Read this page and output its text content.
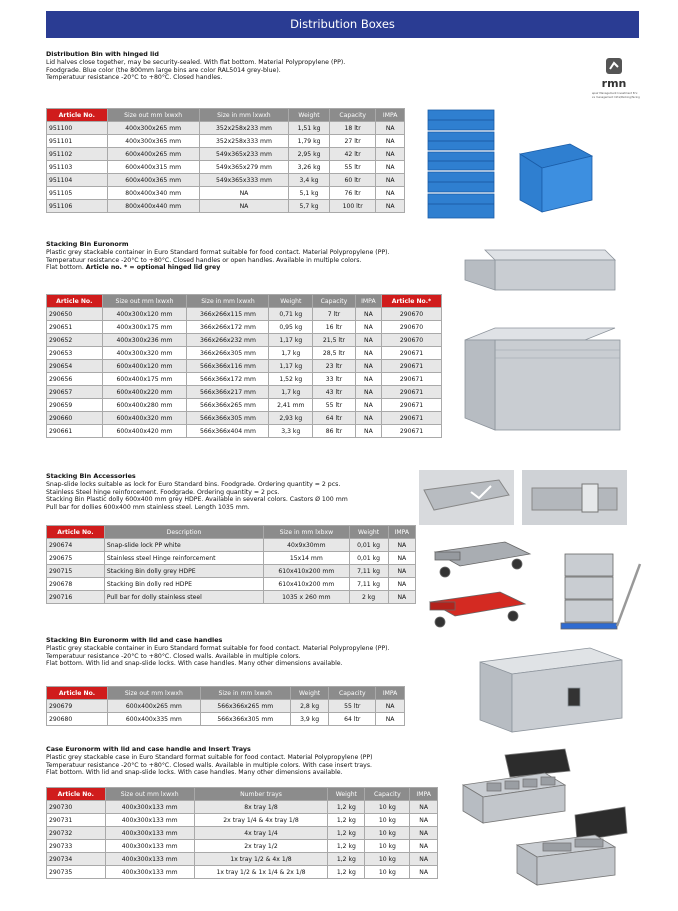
Distribution Boxes
rmn
Repair Management Investment B.V.
Store management Infra/Packing/facing
Distribution Bin with hinged lid
Lid halves close together, may be security-sealed. With flat bottom. Material Polypropylene (PP).
Foodgrade. Blue color (the 800mm large bins are color RAL5014 grey-blue).
Temperatuur resistance -20°C to +80°C. Closed handles.
Article No.	Size out mm lxwxh	Size in mm lxwxh	Weight	Capacity	IMPA
951100	400x300x265 mm	352x258x233 mm	1,51 kg	18 ltr	NA
951101	400x300x365 mm	352x258x333 mm	1,79 kg	27 ltr	NA
951102	600x400x265 mm	549x365x233 mm	2,95 kg	42 ltr	NA
951103	600x400x315 mm	549x365x279 mm	3,26 kg	55 ltr	NA
951104	600x400x365 mm	549x365x333 mm	3,4 kg	60 ltr	NA
951105	800x400x340 mm	NA	5,1 kg	76 ltr	NA
951106	800x400x440 mm	NA	5,7 kg	100 ltr	NA
Stacking Bin Euronorm
Plastic grey stackable container in Euro Standard format suitable for food contact. Material Polypropylene (PP).
Temperatuur resistance -20°C to +80°C. Closed handles or open handles. Available in multiple colors.
Flat bottom. Article no. * = optional hinged lid grey
Article No.	Size out mm lxwxh	Size in mm lxwxh	Weight	Capacity	IMPA	Article No.*
290650	400x300x120 mm	366x266x115 mm	0,71 kg	7 ltr	NA	290670
290651	400x300x175 mm	366x266x172 mm	0,95 kg	16 ltr	NA	290670
290652	400x300x236 mm	366x266x232 mm	1,17 kg	21,5 ltr	NA	290670
290653	400x300x320 mm	366x266x305 mm	1,7 kg	28,5 ltr	NA	290671
290654	600x400x120 mm	566x366x116 mm	1,17 kg	23 ltr	NA	290671
290656	600x400x175 mm	566x366x172 mm	1,52 kg	33 ltr	NA	290671
290657	600x400x220 mm	566x366x217 mm	1,7 kg	43 ltr	NA	290671
290659	600x400x280 mm	566x366x265 mm	2,41 mm	55 ltr	NA	290671
290660	600x400x320 mm	566x366x305 mm	2,93 kg	64 ltr	NA	290671
290661	600x400x420 mm	566x366x404 mm	3,3 kg	86 ltr	NA	290671
Stacking Bin Accessories
Snap-slide locks suitable as lock for Euro Standard bins. Foodgrade. Ordering quantity = 2 pcs.
Stainless Steel hinge reinforcement. Foodgrade. Ordering quantity = 2 pcs.
Stacking Bin Plastic dolly 600x400 mm grey HDPE. Available in several colors. Castors Ø 100 mm
Pull bar for dollies 600x400 mm stainless steel. Length 1035 mm.
Article No.	Description	Size in mm lxbxw	Weight	IMPA
290674	Snap-slide lock PP white	40x9x30mm	0,01 kg	NA
290675	Stainless steel Hinge reinforcement	15x14 mm	0,01 kg	NA
290715	Stacking Bin dolly grey HDPE	610x410x200 mm	7,11 kg	NA
290678	Stacking Bin dolly red HDPE	610x410x200 mm	7,11 kg	NA
290716	Pull bar for dolly stainless steel	1035 x 260 mm	2 kg	NA
Stacking Bin Euronorm with lid and case handles
Plastic grey stackable container in Euro Standard format suitable for food contact. Material Polypropylene (PP).
Temperatuur resistance -20°C to +80°C. Closed walls. Available in multiple colors.
Flat bottom. With lid and snap-slide locks. With case handles. Many other dimensions available.
Article No.	Size out mm lxwxh	Size in mm lxwxh	Weight	Capacity	IMPA
290679	600x400x265 mm	566x366x265 mm	2,8 kg	55 ltr	NA
290680	600x400x335 mm	566x366x305 mm	3,9 kg	64 ltr	NA
Case Euronorm with lid and case handle and Insert Trays
Plastic grey stackable case in Euro Standard format suitable for food contact. Material Polypropylene (PP)
Temperatuur resistance -20°C to +80°C. Closed walls. Available in multiple colors. With case insert trays.
Flat bottom. With lid and snap-slide locks. With case handles. Many other dimensions available.
Article No.	Size out mm lxwxh	Number trays	Weight	Capacity	IMPA
290730	400x300x133 mm	8x tray 1/8	1,2 kg	10 kg	NA
290731	400x300x133 mm	2x tray 1/4 & 4x tray 1/8	1,2 kg	10 kg	NA
290732	400x300x133 mm	4x tray 1/4	1,2 kg	10 kg	NA
290733	400x300x133 mm	2x tray 1/2	1,2 kg	10 kg	NA
290734	400x300x133 mm	1x tray 1/2 & 4x 1/8	1,2 kg	10 kg	NA
290735	400x300x133 mm	1x tray 1/2 & 1x 1/4 & 2x 1/8	1,2 kg	10 kg	NA
